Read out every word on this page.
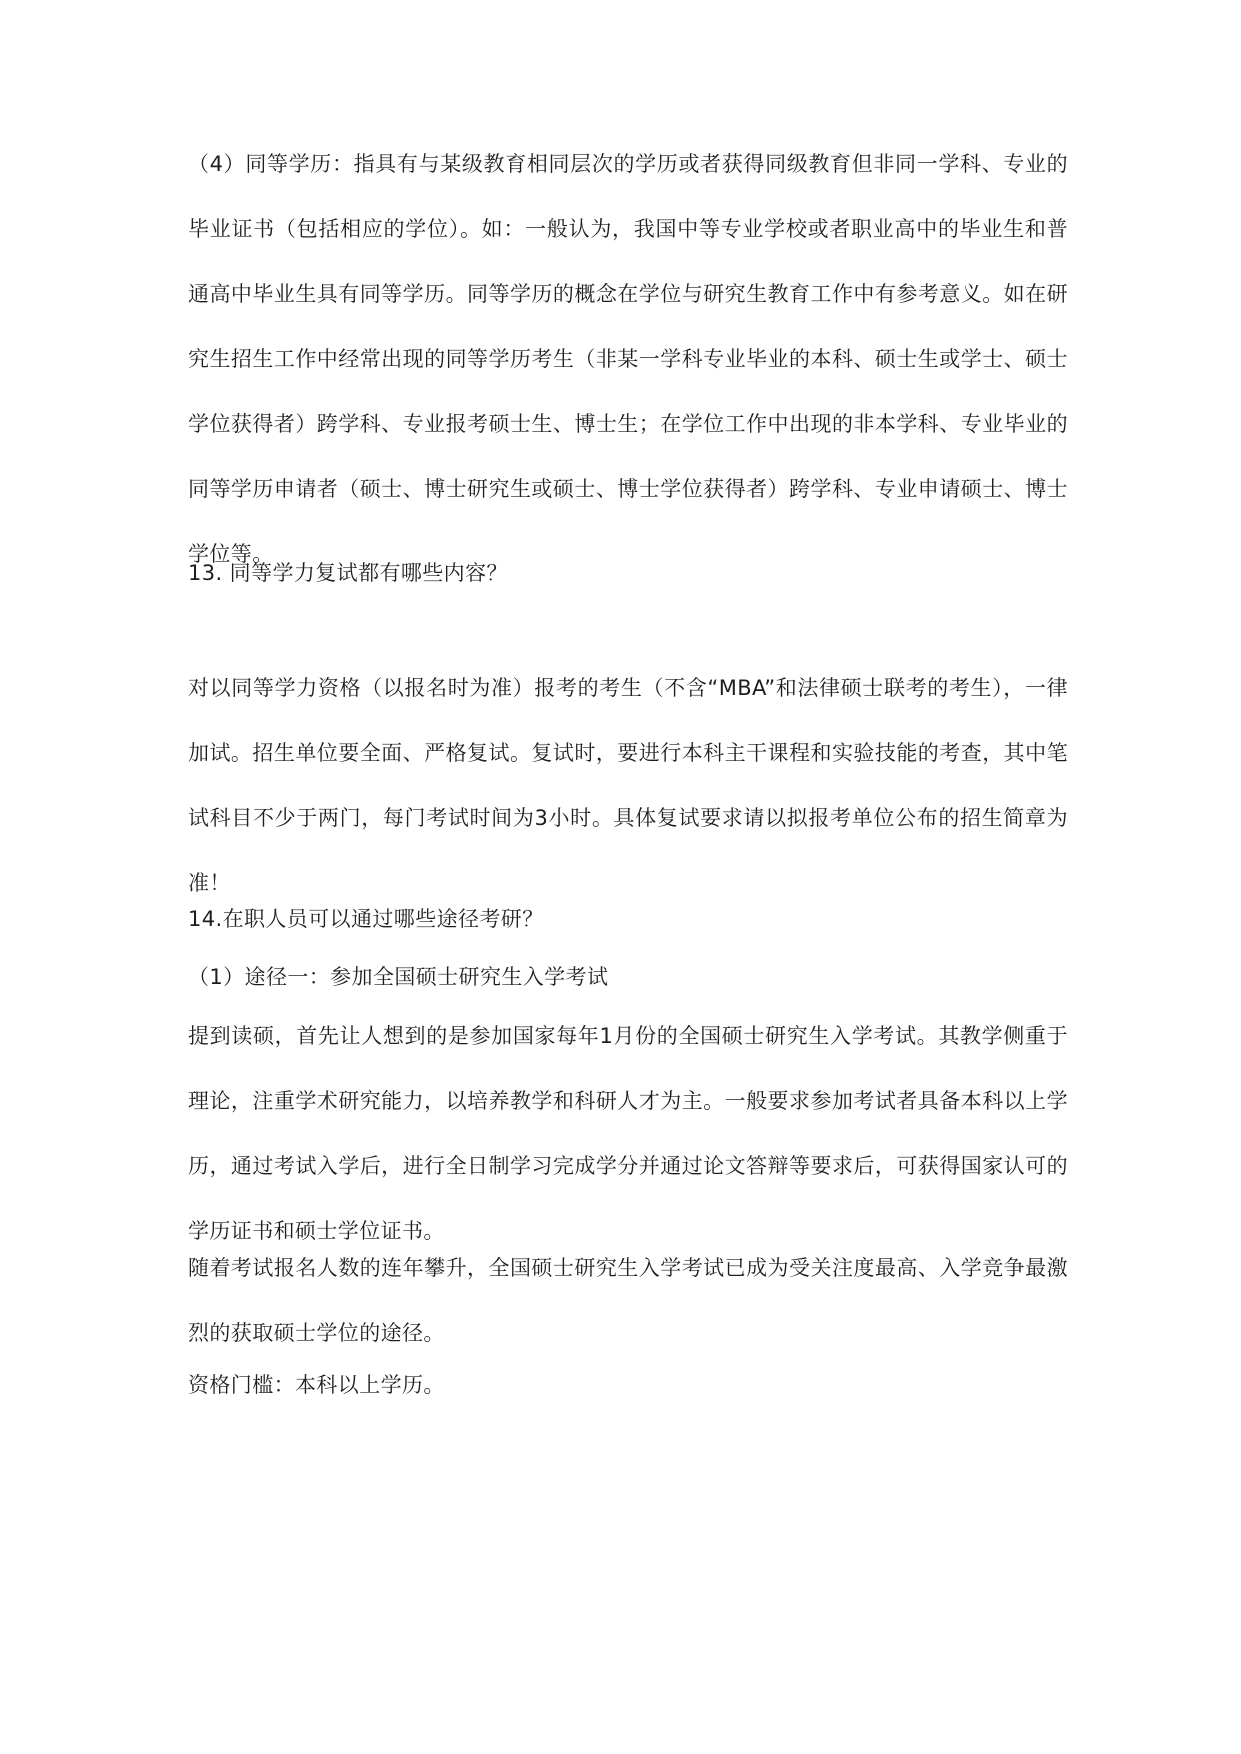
（4）同等学历：指具有与某级教育相同层次的学历或者获得同级教育但非同一学科、专业的毕业证书（包括相应的学位）。如：一般认为，我国中等专业学校或者职业高中的毕业生和普通高中毕业生具有同等学历。同等学历的概念在学位与研究生教育工作中有参考意义。如在研究生招生工作中经常出现的同等学历考生（非某一学科专业毕业的本科、硕士生或学士、硕士学位获得者）跨学科、专业报考硕士生、博士生；在学位工作中出现的非本学科、专业毕业的同等学历申请者（硕士、博士研究生或硕士、博士学位获得者）跨学科、专业申请硕士、博士学位等。
13. 同等学力复试都有哪些内容？
对以同等学力资格（以报名时为准）报考的考生（不含“MBA”和法律硕士联考的考生），一律加试。招生单位要全面、严格复试。复试时，要进行本科主干课程和实验技能的考查，其中笔试科目不少于两门，每门考试时间为3小时。具体复试要求请以拟报考单位公布的招生简章为准！
14.在职人员可以通过哪些途径考研？
（1）途径一：参加全国硕士研究生入学考试
提到读硕，首先让人想到的是参加国家每年1月份的全国硕士研究生入学考试。其教学侧重于理论，注重学术研究能力，以培养教学和科研人才为主。一般要求参加考试者具备本科以上学历，通过考试入学后，进行全日制学习完成学分并通过论文答辩等要求后，可获得国家认可的学历证书和硕士学位证书。
随着考试报名人数的连年攀升，全国硕士研究生入学考试已成为受关注度最高、入学竞争最激烈的获取硕士学位的途径。
资格门槛：本科以上学历。
